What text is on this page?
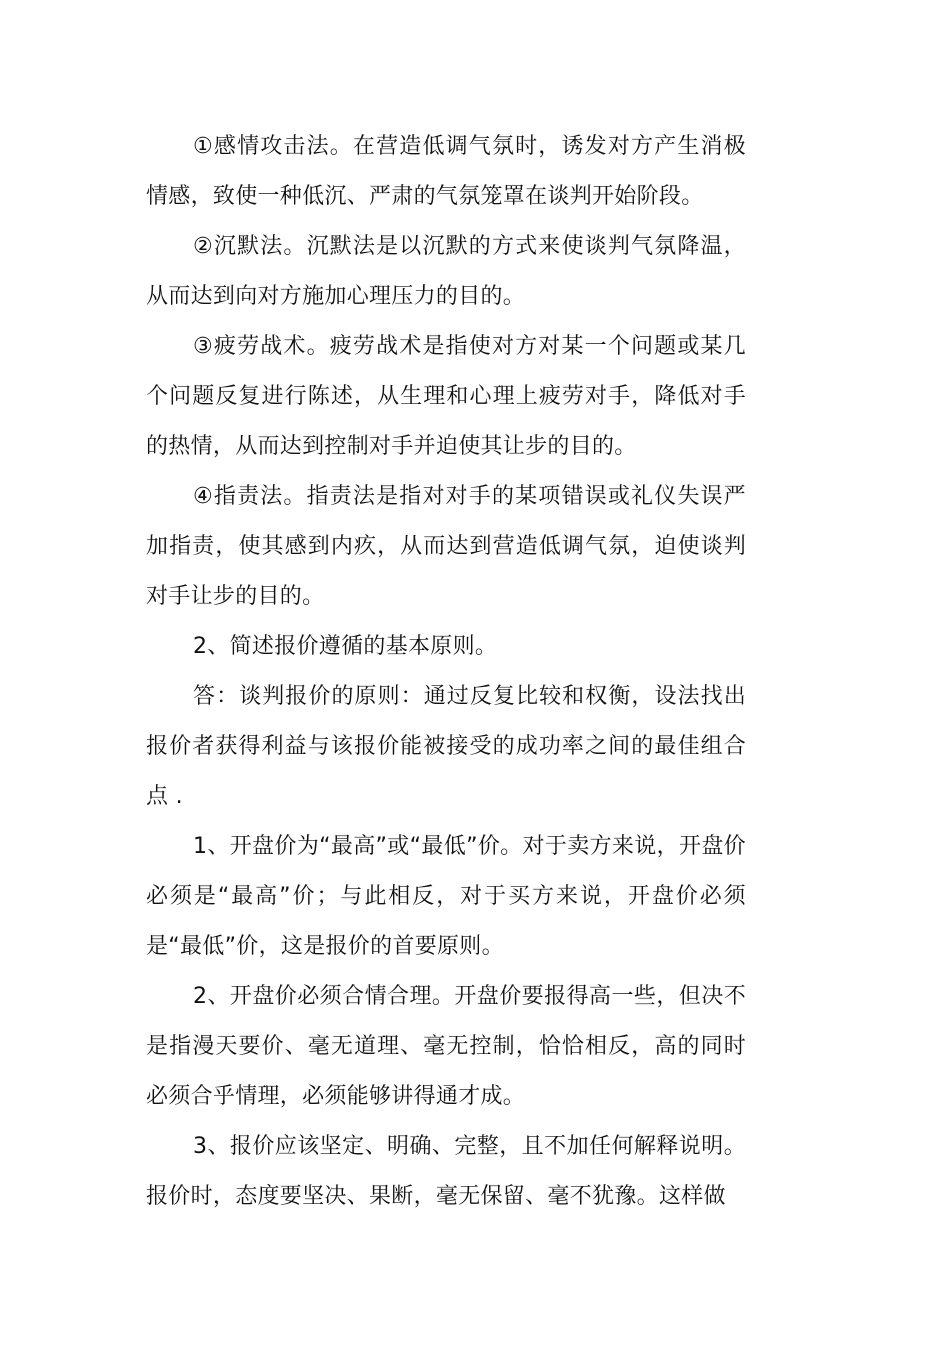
①感情攻击法。在营造低调气氛时，诱发对方产生消极情感，致使一种低沉、严肃的气氛笼罩在谈判开始阶段。

②沉默法。沉默法是以沉默的方式来使谈判气氛降温，从而达到向对方施加心理压力的目的。

③疲劳战术。疲劳战术是指使对方对某一个问题或某几个问题反复进行陈述，从生理和心理上疲劳对手，降低对手的热情，从而达到控制对手并迫使其让步的目的。

④指责法。指责法是指对对手的某项错误或礼仪失误严加指责，使其感到内疚，从而达到营造低调气氛，迫使谈判对手让步的目的。

2、简述报价遵循的基本原则。

答：谈判报价的原则：通过反复比较和权衡，设法找出报价者获得利益与该报价能被接受的成功率之间的最佳组合点 .

1、开盘价为“最高”或“最低”价。对于卖方来说，开盘价必须是“最高”价；与此相反，对于买方来说，开盘价必须是“最低”价，这是报价的首要原则。

2、开盘价必须合情合理。开盘价要报得高一些，但决不是指漫天要价、毫无道理、毫无控制，恰恰相反，高的同时必须合乎情理，必须能够讲得通才成。

3、报价应该坚定、明确、完整，且不加任何解释说明。报价时，态度要坚决、果断，毫无保留、毫不犹豫。这样做
